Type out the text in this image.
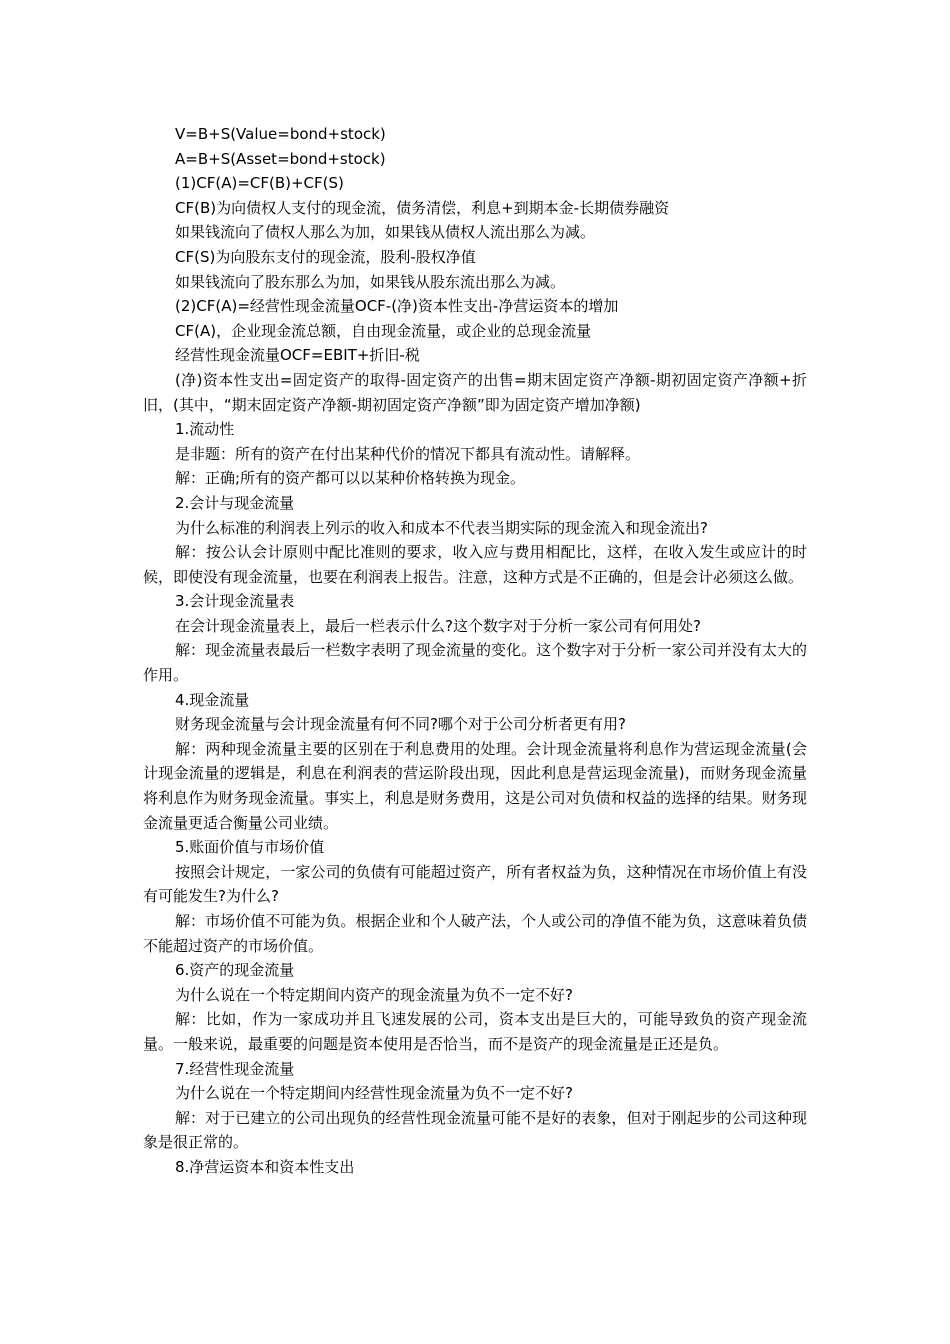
V=B+S(Value=bond+stock)

A=B+S(Asset=bond+stock)

(1)CF(A)=CF(B)+CF(S)

CF(B)为向债权人支付的现金流，债务清偿，利息+到期本金-长期债券融资

如果钱流向了债权人那么为加，如果钱从债权人流出那么为减。

CF(S)为向股东支付的现金流，股利-股权净值

如果钱流向了股东那么为加，如果钱从股东流出那么为减。

(2)CF(A)=经营性现金流量OCF-(净)资本性支出-净营运资本的增加

CF(A)，企业现金流总额，自由现金流量，或企业的总现金流量

经营性现金流量OCF=EBIT+折旧-税

(净)资本性支出=固定资产的取得-固定资产的出售=期末固定资产净额-期初固定资产净额+折旧，(其中，“期末固定资产净额-期初固定资产净额”即为固定资产增加净额)

1.流动性

是非题：所有的资产在付出某种代价的情况下都具有流动性。请解释。

解：正确;所有的资产都可以以某种价格转换为现金。

2.会计与现金流量

为什么标准的利润表上列示的收入和成本不代表当期实际的现金流入和现金流出?

解：按公认会计原则中配比准则的要求，收入应与费用相配比，这样，在收入发生或应计的时候，即使没有现金流量，也要在利润表上报告。注意，这种方式是不正确的，但是会计必须这么做。

3.会计现金流量表

在会计现金流量表上，最后一栏表示什么?这个数字对于分析一家公司有何用处?

解：现金流量表最后一栏数字表明了现金流量的变化。这个数字对于分析一家公司并没有太大的作用。

4.现金流量

财务现金流量与会计现金流量有何不同?哪个对于公司分析者更有用?

解：两种现金流量主要的区别在于利息费用的处理。会计现金流量将利息作为营运现金流量(会计现金流量的逻辑是，利息在利润表的营运阶段出现，因此利息是营运现金流量)，而财务现金流量将利息作为财务现金流量。事实上，利息是财务费用，这是公司对负债和权益的选择的结果。财务现金流量更适合衡量公司业绩。

5.账面价值与市场价值

按照会计规定，一家公司的负债有可能超过资产，所有者权益为负，这种情况在市场价值上有没有可能发生?为什么?

解：市场价值不可能为负。根据企业和个人破产法，个人或公司的净值不能为负，这意味着负债不能超过资产的市场价值。

6.资产的现金流量

为什么说在一个特定期间内资产的现金流量为负不一定不好?

解：比如，作为一家成功并且飞速发展的公司，资本支出是巨大的，可能导致负的资产现金流量。一般来说，最重要的问题是资本使用是否恰当，而不是资产的现金流量是正还是负。

7.经营性现金流量

为什么说在一个特定期间内经营性现金流量为负不一定不好?

解：对于已建立的公司出现负的经营性现金流量可能不是好的表象，但对于刚起步的公司这种现象是很正常的。

8.净营运资本和资本性支出
